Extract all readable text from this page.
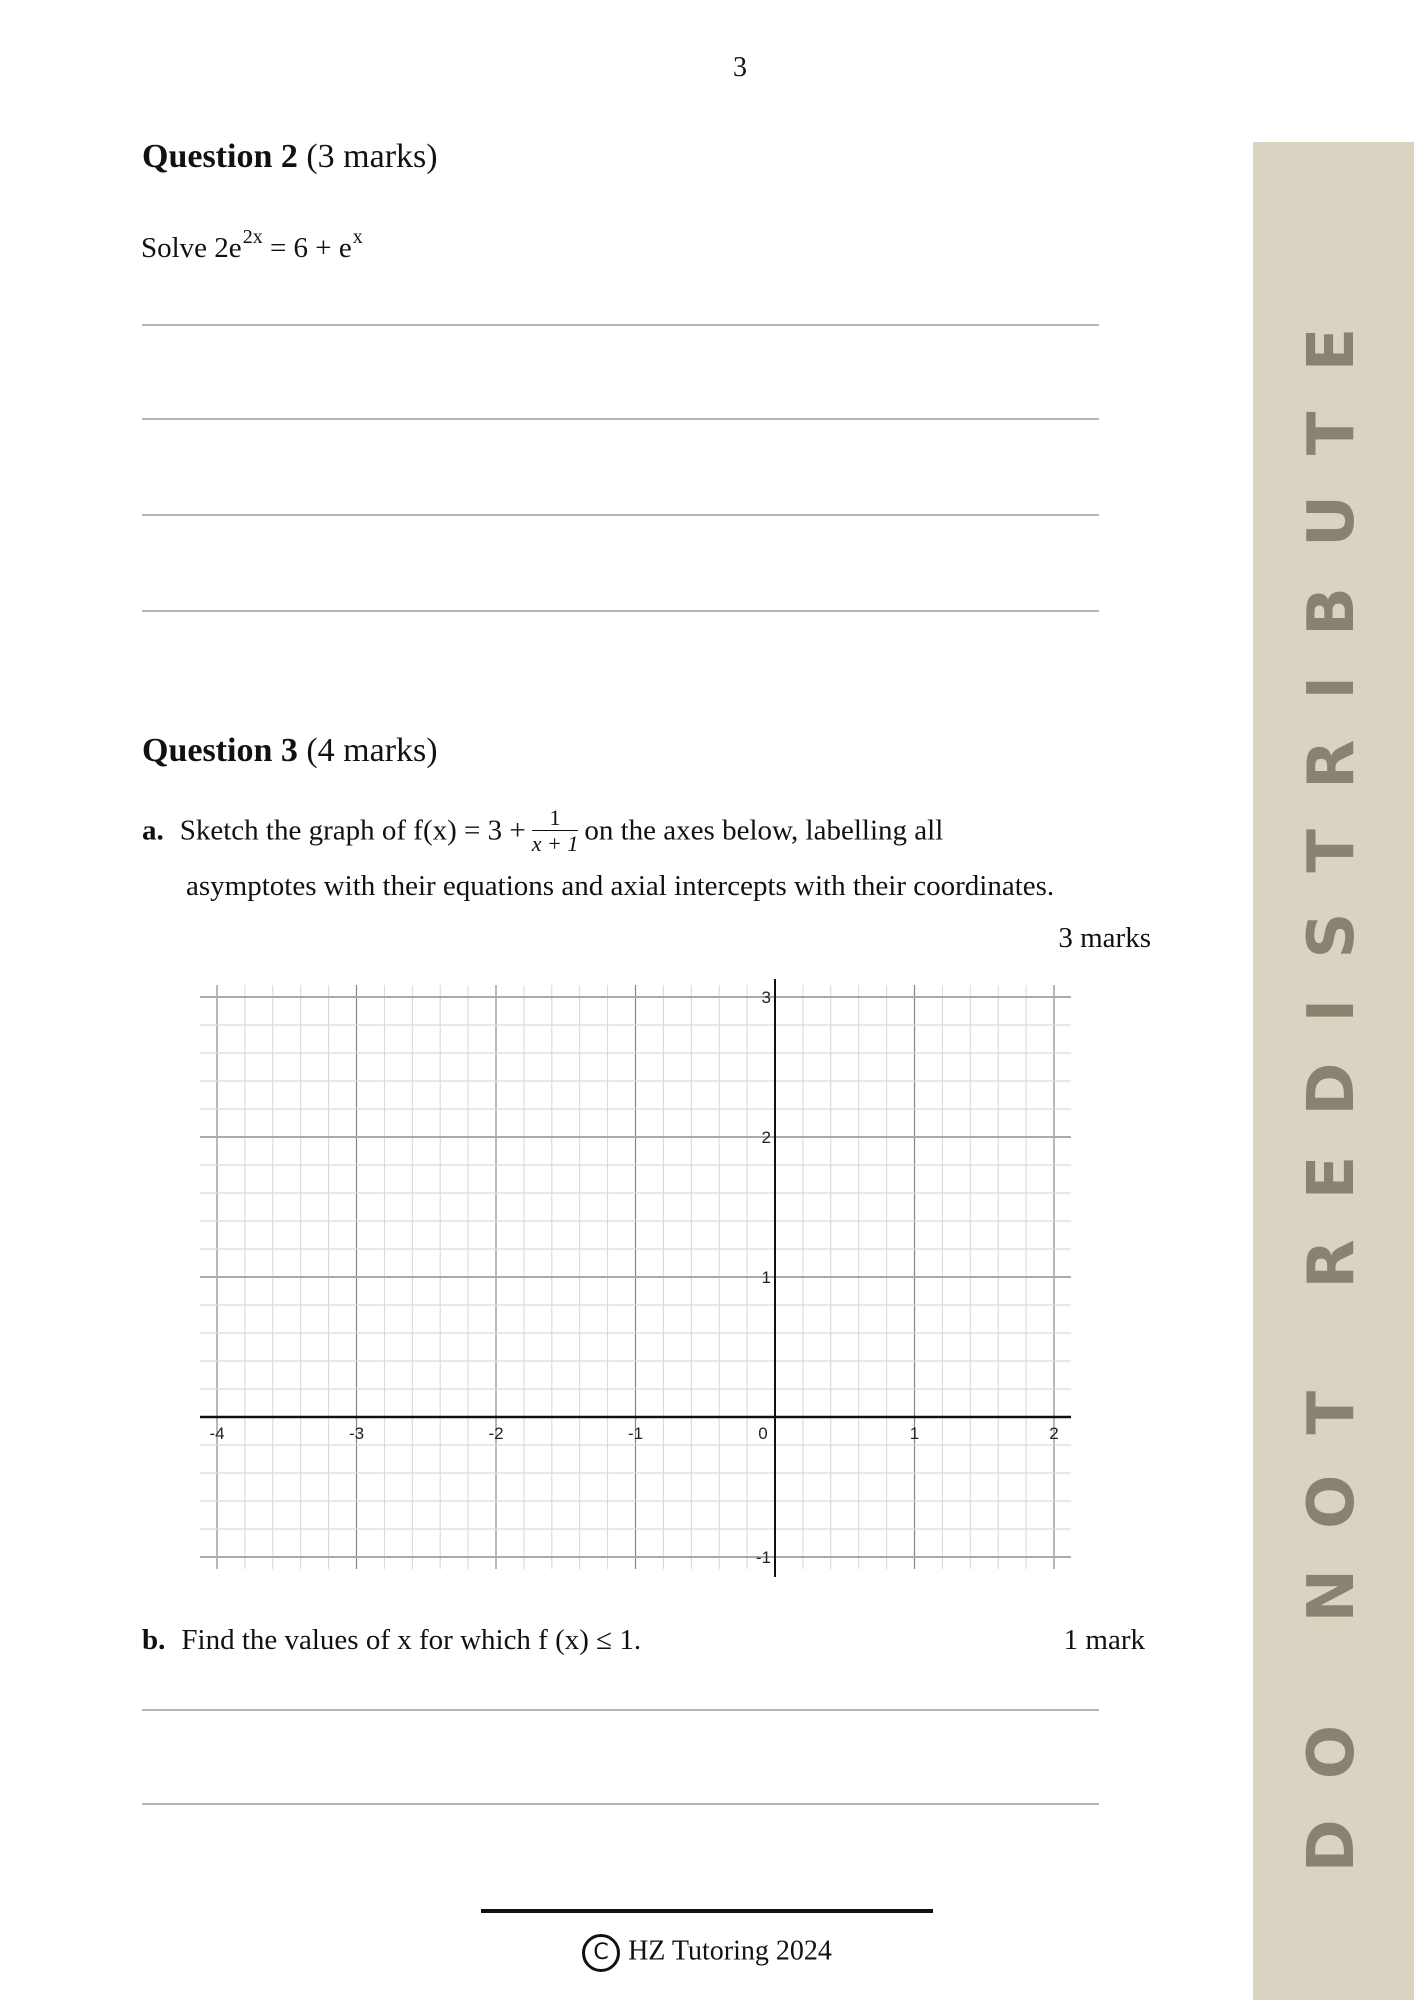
3
Question 2 (3 marks)
Solve $2e^{2x} = 6 + e^x$
Question 3 (4 marks)
a. Sketch the graph of $f(x) = 3 + \frac{1}{x + 1}$ on the axes below, labelling all
asymptotes with their equations and axial intercepts with their coordinates.
3 marks
-4	-3	-2	-1	0	1	2
-1
1
2
3
b. Find the values of x for which f (x) ≤ 1.	1 mark
C HZ Tutoring 2024
DO NOT REDISTRIBUTE
